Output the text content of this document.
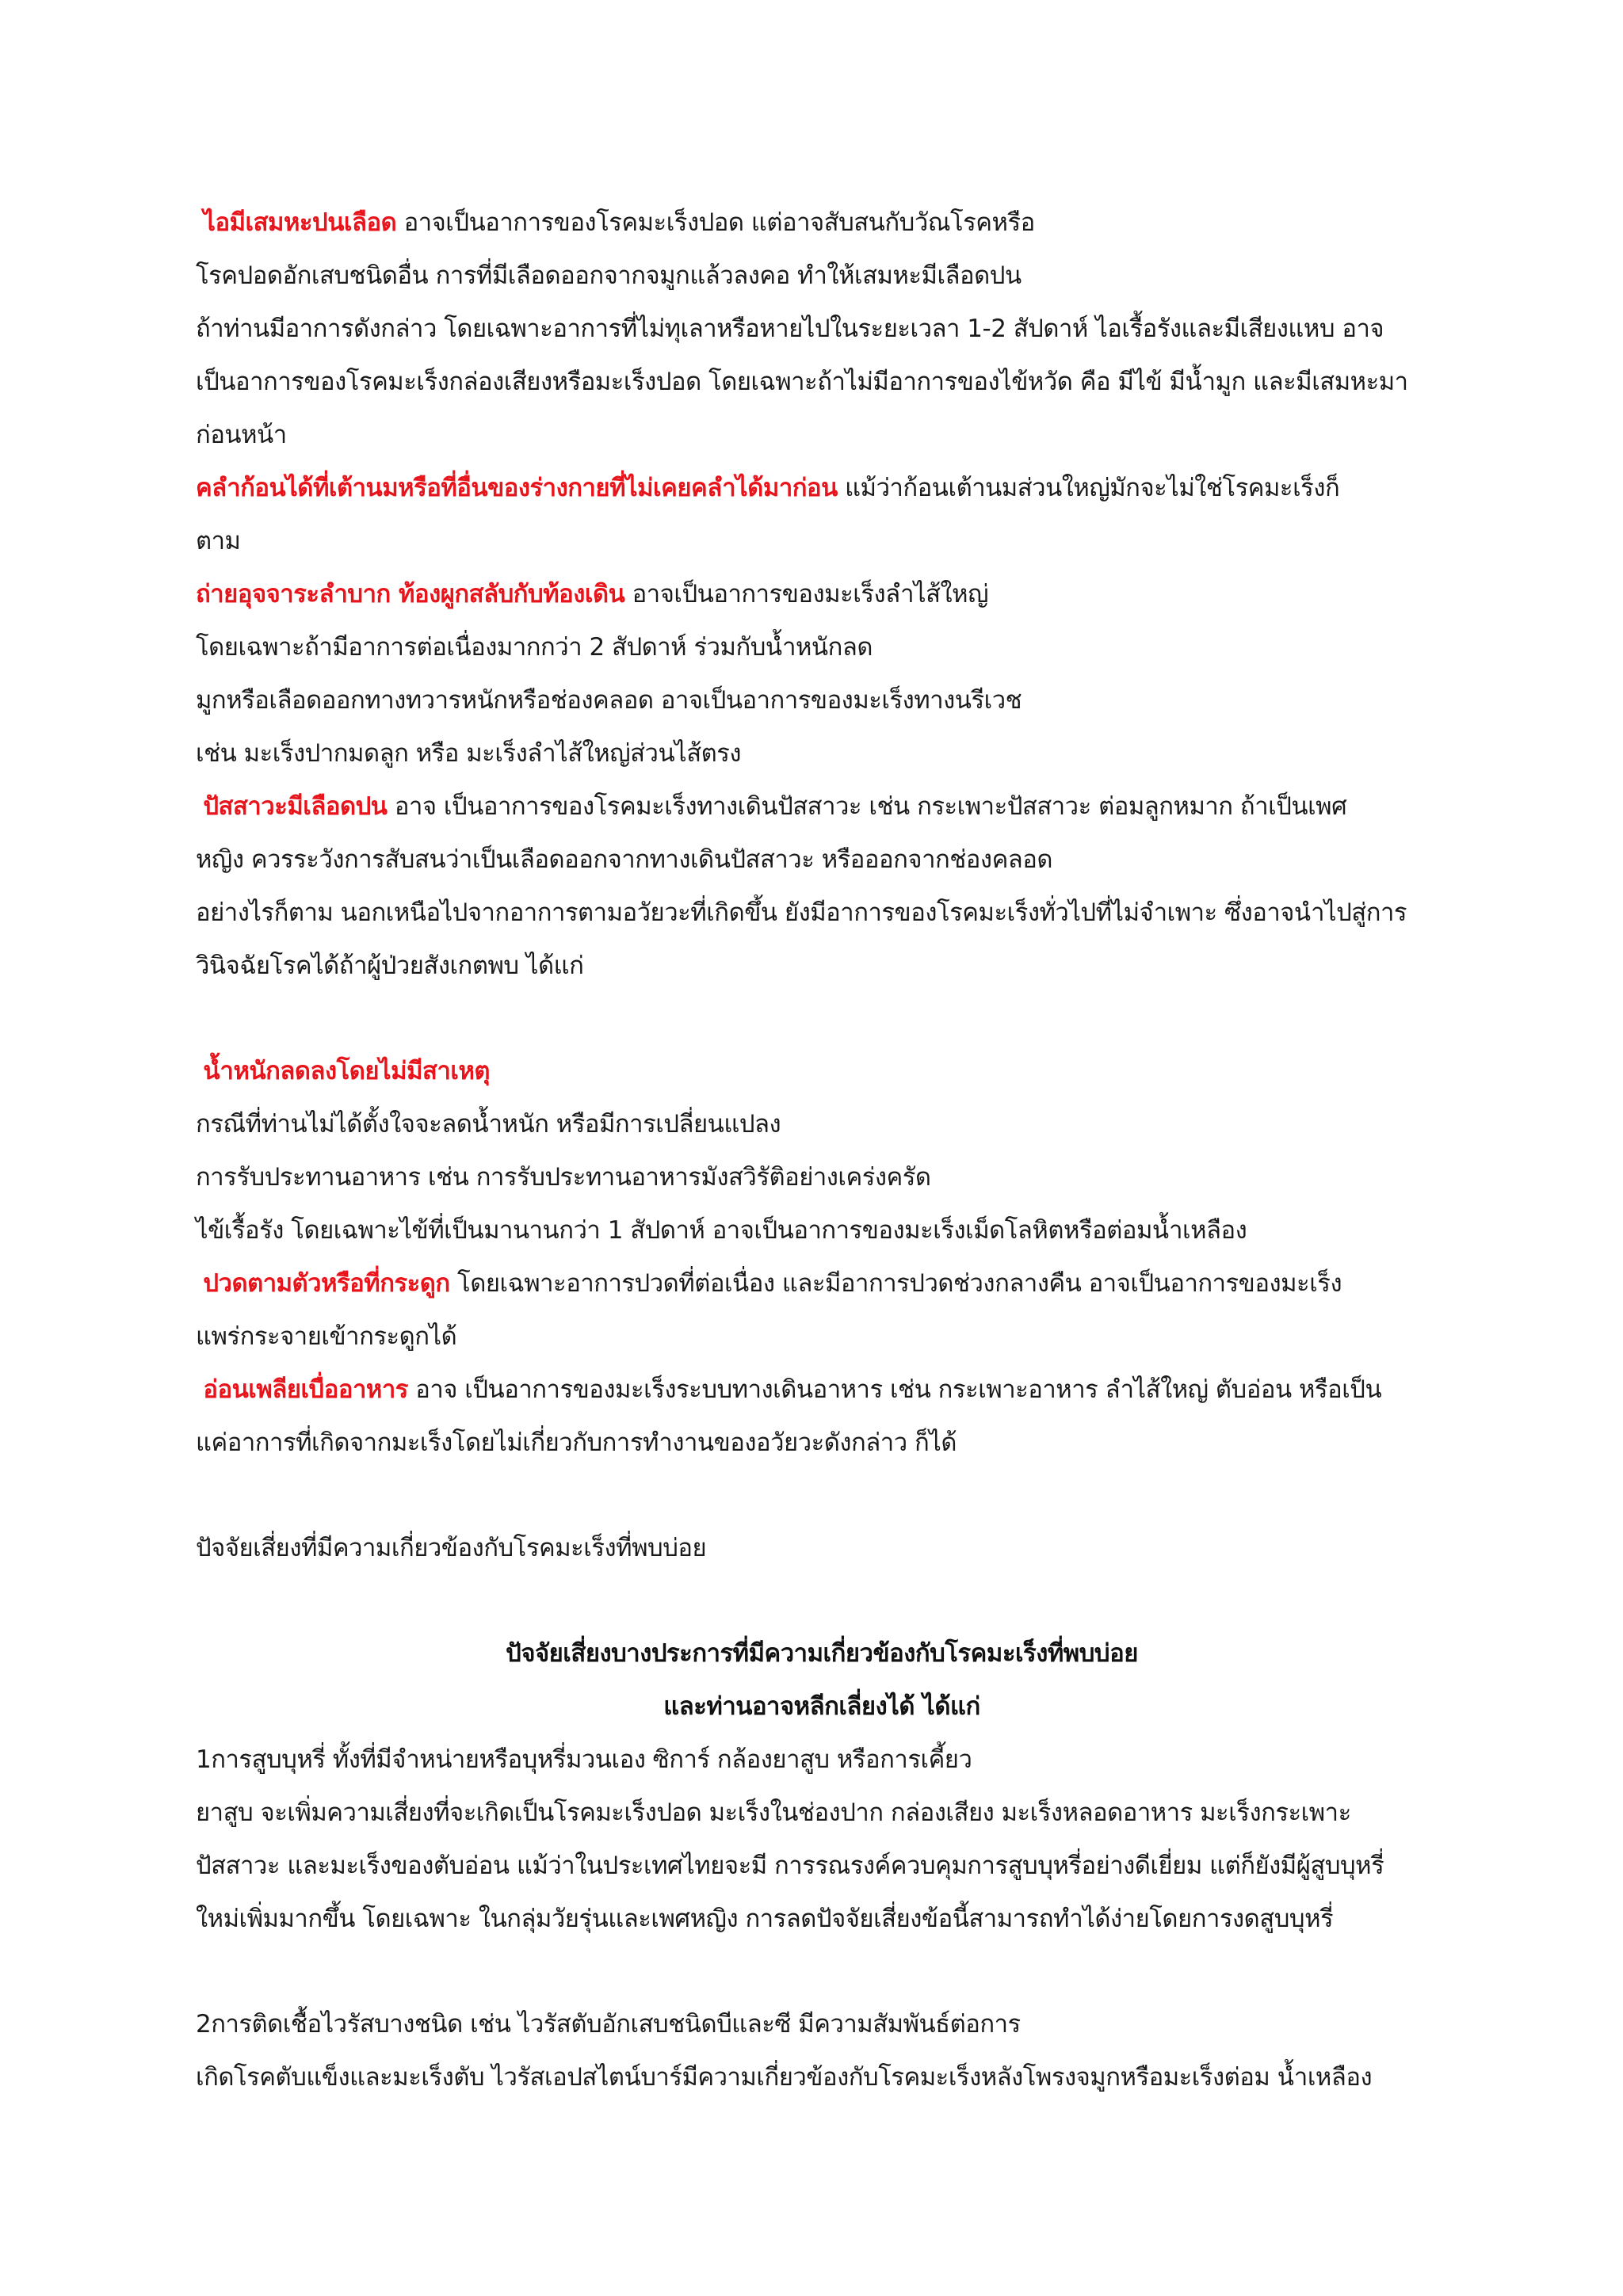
ไอมีเสมหะปนเลือด อาจเป็นอาการของโรคมะเร็งปอด แต่อาจสับสนกับวัณโรคหรือ
โรคปอดอักเสบชนิดอื่น การที่มีเลือดออกจากจมูกแล้วลงคอ ทำให้เสมหะมีเลือดปน
ถ้าท่านมีอาการดังกล่าว โดยเฉพาะอาการที่ไม่ทุเลาหรือหายไปในระยะเวลา 1-2 สัปดาห์ ไอเรื้อรังและมีเสียงแหบ อาจ
เป็นอาการของโรคมะเร็งกล่องเสียงหรือมะเร็งปอด โดยเฉพาะถ้าไม่มีอาการของไข้หวัด คือ มีไข้ มีน้ำมูก และมีเสมหะมา
ก่อนหน้า
คลำก้อนได้ที่เต้านมหรือที่อื่นของร่างกายที่ไม่เคยคลำได้มาก่อน แม้ว่าก้อนเต้านมส่วนใหญ่มักจะไม่ใช่โรคมะเร็งก็
ตาม
ถ่ายอุจจาระลำบาก ท้องผูกสลับกับท้องเดิน อาจเป็นอาการของมะเร็งลำไส้ใหญ่
โดยเฉพาะถ้ามีอาการต่อเนื่องมากกว่า 2 สัปดาห์ ร่วมกับน้ำหนักลด
มูกหรือเลือดออกทางทวารหนักหรือช่องคลอด อาจเป็นอาการของมะเร็งทางนรีเวช
เช่น มะเร็งปากมดลูก หรือ มะเร็งลำไส้ใหญ่ส่วนไส้ตรง
ปัสสาวะมีเลือดปน อาจ เป็นอาการของโรคมะเร็งทางเดินปัสสาวะ เช่น กระเพาะปัสสาวะ ต่อมลูกหมาก ถ้าเป็นเพศ
หญิง ควรระวังการสับสนว่าเป็นเลือดออกจากทางเดินปัสสาวะ หรือออกจากช่องคลอด
อย่างไรก็ตาม นอกเหนือไปจากอาการตามอวัยวะที่เกิดขึ้น ยังมีอาการของโรคมะเร็งทั่วไปที่ไม่จำเพาะ ซึ่งอาจนำไปสู่การ
วินิจฉัยโรคได้ถ้าผู้ป่วยสังเกตพบ ได้แก่
น้ำหนักลดลงโดยไม่มีสาเหตุ
กรณีที่ท่านไม่ได้ตั้งใจจะลดน้ำหนัก หรือมีการเปลี่ยนแปลง
การรับประทานอาหาร เช่น การรับประทานอาหารมังสวิรัติอย่างเคร่งครัด
ไข้เรื้อรัง โดยเฉพาะไข้ที่เป็นมานานกว่า 1 สัปดาห์ อาจเป็นอาการของมะเร็งเม็ดโลหิตหรือต่อมน้ำเหลือง
ปวดตามตัวหรือที่กระดูก โดยเฉพาะอาการปวดที่ต่อเนื่อง และมีอาการปวดช่วงกลางคืน อาจเป็นอาการของมะเร็ง
แพร่กระจายเข้ากระดูกได้
อ่อนเพลียเบื่ออาหาร อาจ เป็นอาการของมะเร็งระบบทางเดินอาหาร เช่น กระเพาะอาหาร ลำไส้ใหญ่ ตับอ่อน หรือเป็น
แค่อาการที่เกิดจากมะเร็งโดยไม่เกี่ยวกับการทำงานของอวัยวะดังกล่าว ก็ได้
ปัจจัยเสี่ยงที่มีความเกี่ยวข้องกับโรคมะเร็งที่พบบ่อย
ปัจจัยเสี่ยงบางประการที่มีความเกี่ยวข้องกับโรคมะเร็งที่พบบ่อย
และท่านอาจหลีกเลี่ยงได้ ได้แก่
1การสูบบุหรี่ ทั้งที่มีจำหน่ายหรือบุหรี่มวนเอง ซิการ์ กล้องยาสูบ หรือการเคี้ยว
ยาสูบ จะเพิ่มความเสี่ยงที่จะเกิดเป็นโรคมะเร็งปอด มะเร็งในช่องปาก กล่องเสียง มะเร็งหลอดอาหาร มะเร็งกระเพาะ
ปัสสาวะ และมะเร็งของตับอ่อน แม้ว่าในประเทศไทยจะมี การรณรงค์ควบคุมการสูบบุหรี่อย่างดีเยี่ยม แต่ก็ยังมีผู้สูบบุหรี่
ใหม่เพิ่มมากขึ้น โดยเฉพาะ ในกลุ่มวัยรุ่นและเพศหญิง การลดปัจจัยเสี่ยงข้อนี้สามารถทำได้ง่ายโดยการงดสูบบุหรี่
2การติดเชื้อไวรัสบางชนิด เช่น ไวรัสตับอักเสบชนิดบีและซี มีความสัมพันธ์ต่อการ
เกิดโรคตับแข็งและมะเร็งตับ ไวรัสเอปสไตน์บาร์มีความเกี่ยวข้องกับโรคมะเร็งหลังโพรงจมูกหรือมะเร็งต่อม น้ำเหลือง
